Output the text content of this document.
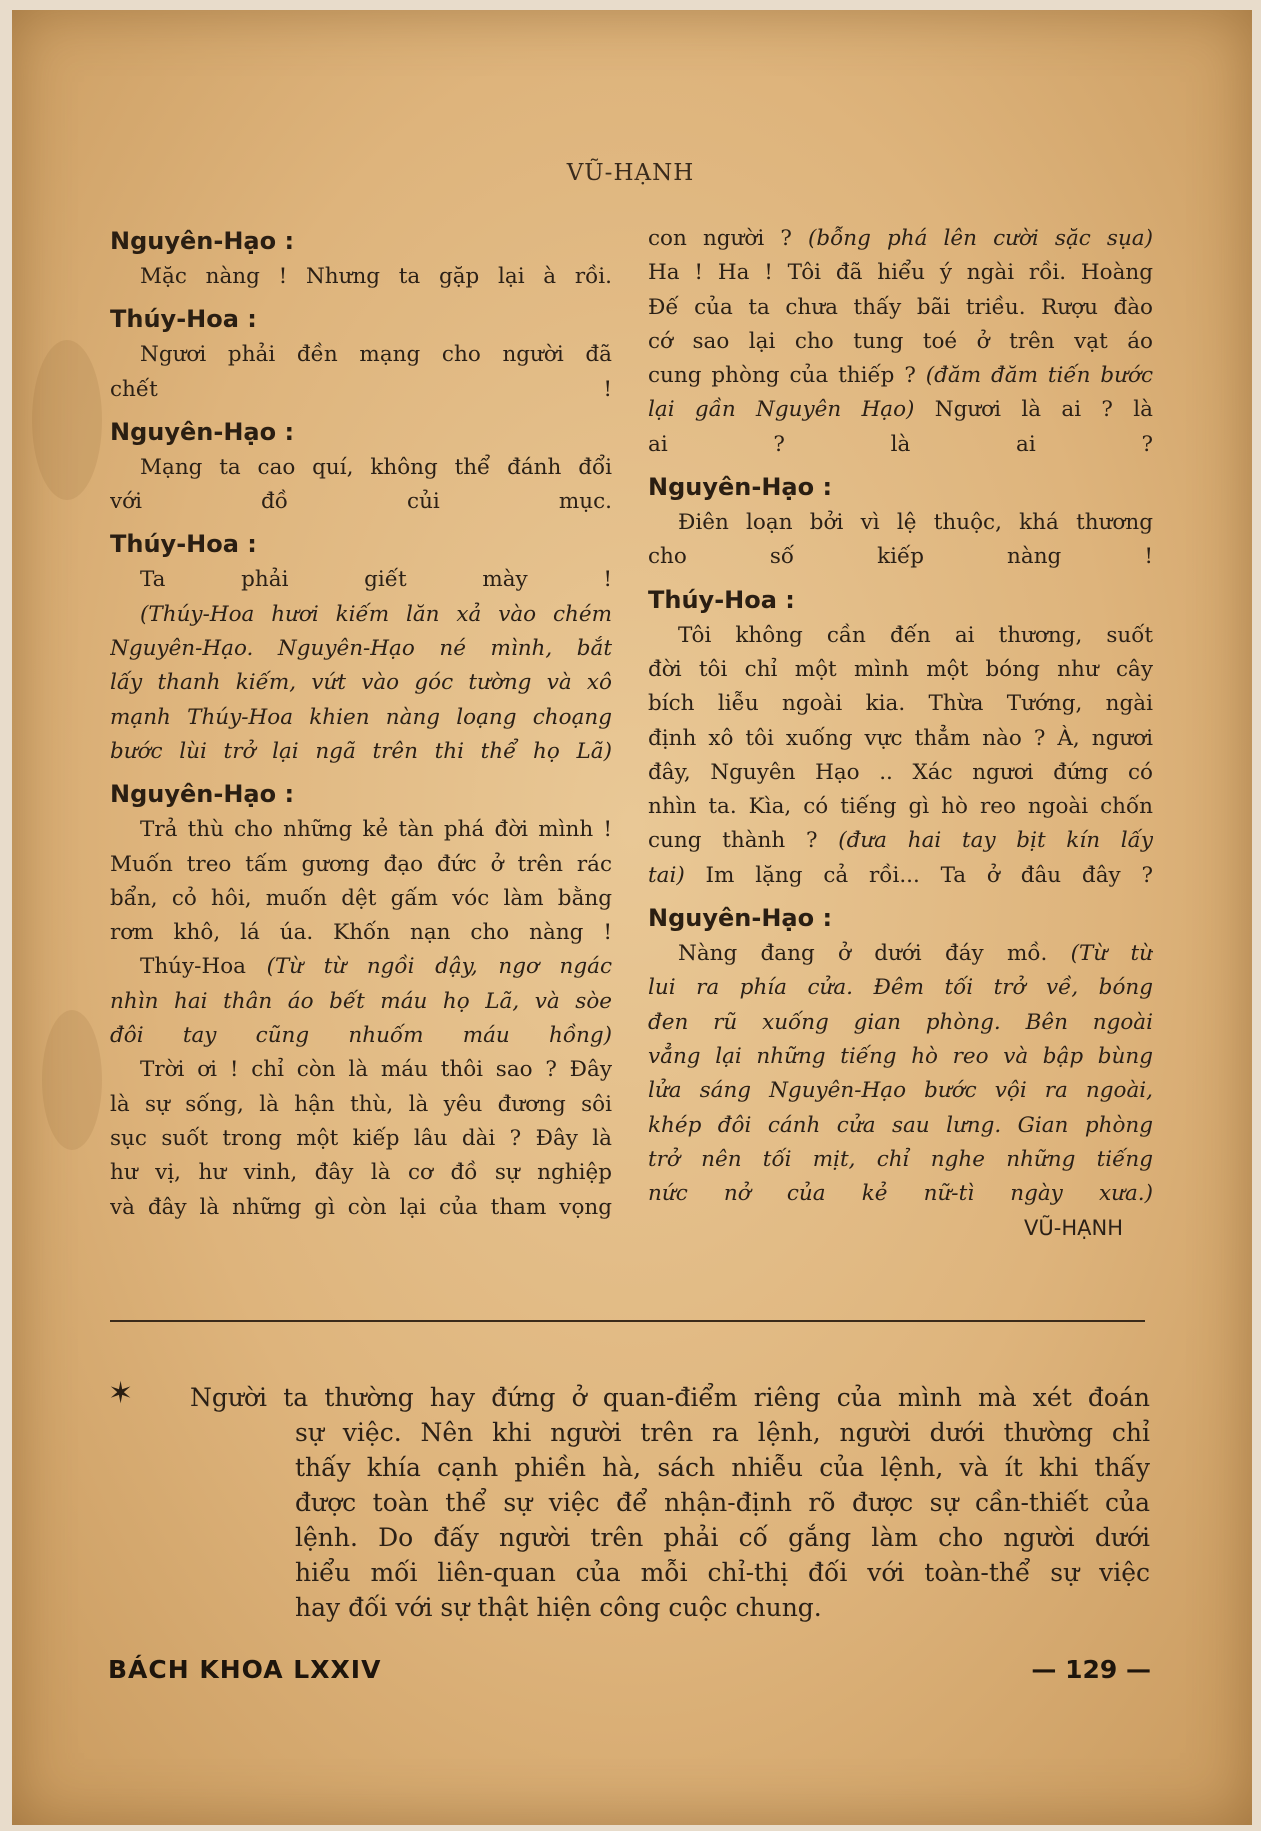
VŨ-HẠNH
Nguyên-Hạo :
Mặc nàng ! Nhưng ta gặp lại à rồi.
Thúy-Hoa :
Ngươi phải đền mạng cho người đã
chết !
Nguyên-Hạo :
Mạng ta cao quí, không thể đánh đổi
với đồ củi mục.
Thúy-Hoa :
Ta phải giết mày !
(Thúy-Hoa hươi kiếm lăn xả vào chém
Nguyên-Hạo. Nguyên-Hạo né mình, bắt
lấy thanh kiếm, vứt vào góc tường và xô
mạnh Thúy-Hoa khien nàng loạng choạng
bước lùi trở lại ngã trên thi thể họ Lã)
Nguyên-Hạo :
Trả thù cho những kẻ tàn phá đời mình !
Muốn treo tấm gương đạo đức ở trên rác
bẩn, cỏ hôi, muốn dệt gấm vóc làm bằng
rơm khô, lá úa. Khốn nạn cho nàng !
Thúy-Hoa (Từ từ ngồi dậy, ngơ ngác
nhìn hai thân áo bết máu họ Lã, và sòe
đôi tay cũng nhuốm máu hồng)
Trời ơi ! chỉ còn là máu thôi sao ? Đây
là sự sống, là hận thù, là yêu đương sôi
sục suốt trong một kiếp lâu dài ? Đây là
hư vị, hư vinh, đây là cơ đồ sự nghiệp
và đây là những gì còn lại của tham vọng
con người ? (bỗng phá lên cười sặc sụa)
Ha ! Ha ! Tôi đã hiểu ý ngài rồi. Hoàng
Đế của ta chưa thấy bãi triều. Rượu đào
cớ sao lại cho tung toé ở trên vạt áo
cung phòng của thiếp ? (đăm đăm tiến bước
lại gần Nguyên Hạo) Ngươi là ai ? là
ai ? là ai ?
Nguyên-Hạo :
Điên loạn bởi vì lệ thuộc, khá thương
cho số kiếp nàng !
Thúy-Hoa :
Tôi không cần đến ai thương, suốt
đời tôi chỉ một mình một bóng như cây
bích liễu ngoài kia. Thừa Tướng, ngài
định xô tôi xuống vực thẳm nào ? À, ngươi
đây, Nguyên Hạo .. Xác ngươi đứng có
nhìn ta. Kìa, có tiếng gì hò reo ngoài chốn
cung thành ? (đưa hai tay bịt kín lấy
tai) Im lặng cả rồi... Ta ở đâu đây ?
Nguyên-Hạo :
Nàng đang ở dưới đáy mồ. (Từ từ
lui ra phía cửa. Đêm tối trở về, bóng
đen rũ xuống gian phòng. Bên ngoài
vẳng lại những tiếng hò reo và bập bùng
lửa sáng Nguyên-Hạo bước vội ra ngoài,
khép đôi cánh cửa sau lưng. Gian phòng
trở nên tối mịt, chỉ nghe những tiếng
nức nở của kẻ nữ-tì ngày xưa.)
VŨ-HẠNH
✶ Người ta thường hay đứng ở quan-điểm riêng của mình mà xét đoán
sự việc. Nên khi người trên ra lệnh, người dưới thường chỉ
thấy khía cạnh phiền hà, sách nhiễu của lệnh, và ít khi thấy
được toàn thể sự việc để nhận-định rõ được sự cần-thiết của
lệnh. Do đấy người trên phải cố gắng làm cho người dưới
hiểu mối liên-quan của mỗi chỉ-thị đối với toàn-thể sự việc
hay đối với sự thật hiện công cuộc chung.
BÁCH KHOA LXXIV	— 129 —
